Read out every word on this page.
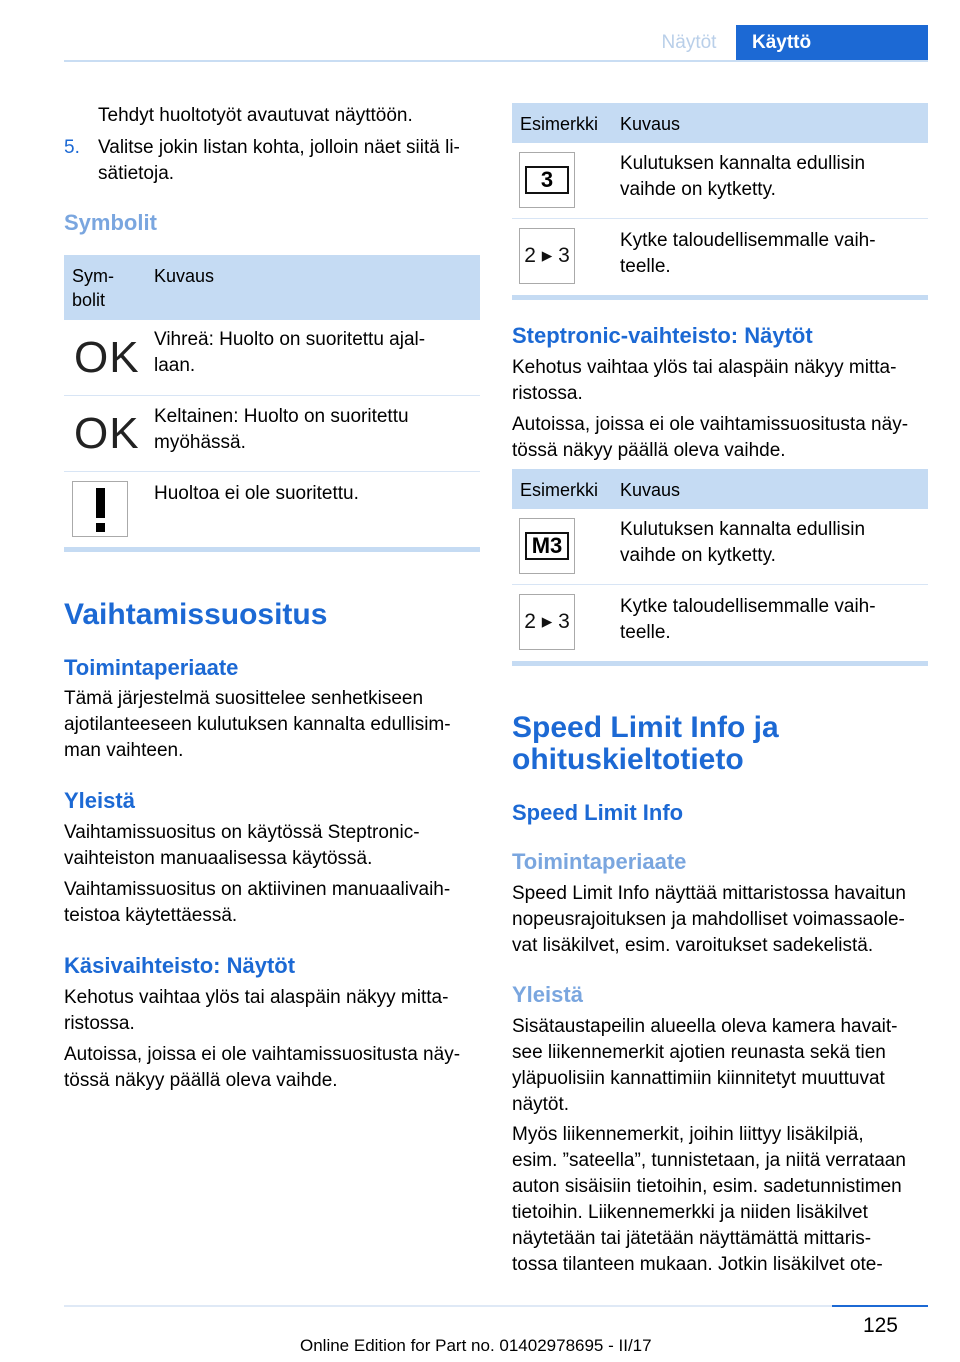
Näytöt	Käyttö
Tehdyt huoltotyöt avautuvat näyttöön.
5. Valitse jokin listan kohta, jolloin näet siitä li‐
sätietoja.
Symbolit
Sym‐
bolit
Kuvaus
OK Vihreä: Huolto on suoritettu ajal‐
laan.
OK Keltainen: Huolto on suoritettu
myöhässä.
Huoltoa ei ole suoritettu.
Vaihtamissuositus
Toimintaperiaate
Tämä järjestelmä suosittelee senhetkiseen
ajotilanteeseen kulutuksen kannalta edullisim‐
man vaihteen.
Yleistä
Vaihtamissuositus on käytössä Steptronic-
vaihteiston manuaalisessa käytössä.
Vaihtamissuositus on aktiivinen manuaalivaih‐
teistoa käytettäessä.
Käsivaihteisto: Näytöt
Kehotus vaihtaa ylös tai alaspäin näkyy mitta‐
ristossa.
Autoissa, joissa ei ole vaihtamissuositusta näy‐
tössä näkyy päällä oleva vaihde.
Esimerkki Kuvaus
3
Kulutuksen kannalta edullisin
vaihde on kytketty.
2 ▸ 3
Kytke taloudellisemmalle vaih‐
teelle.
Steptronic-vaihteisto: Näytöt
Kehotus vaihtaa ylös tai alaspäin näkyy mitta‐
ristossa.
Autoissa, joissa ei ole vaihtamissuositusta näy‐
tössä näkyy päällä oleva vaihde.
Esimerkki Kuvaus
M3
Kulutuksen kannalta edullisin
vaihde on kytketty.
2 ▸ 3
Kytke taloudellisemmalle vaih‐
teelle.
Speed Limit Info ja
ohituskieltotieto
Speed Limit Info
Toimintaperiaate
Speed Limit Info näyttää mittaristossa havaitun
nopeusrajoituksen ja mahdolliset voimassaole‐
vat lisäkilvet, esim. varoitukset sadekelistä.
Yleistä
Sisätaustapeilin alueella oleva kamera havait‐
see liikennemerkit ajotien reunasta sekä tien
yläpuolisiin kannattimiin kiinnitetyt muuttuvat
näytöt.
Myös liikennemerkit, joihin liittyy lisäkilpiä,
esim. ”sateella”, tunnistetaan, ja niitä verrataan
auton sisäisiin tietoihin, esim. sadetunnistimen
tietoihin. Liikennemerkki ja niiden lisäkilvet
näytetään tai jätetään näyttämättä mittaris‐
tossa tilanteen mukaan. Jotkin lisäkilvet ote‐
125
Online Edition for Part no. 01402978695 - II/17
